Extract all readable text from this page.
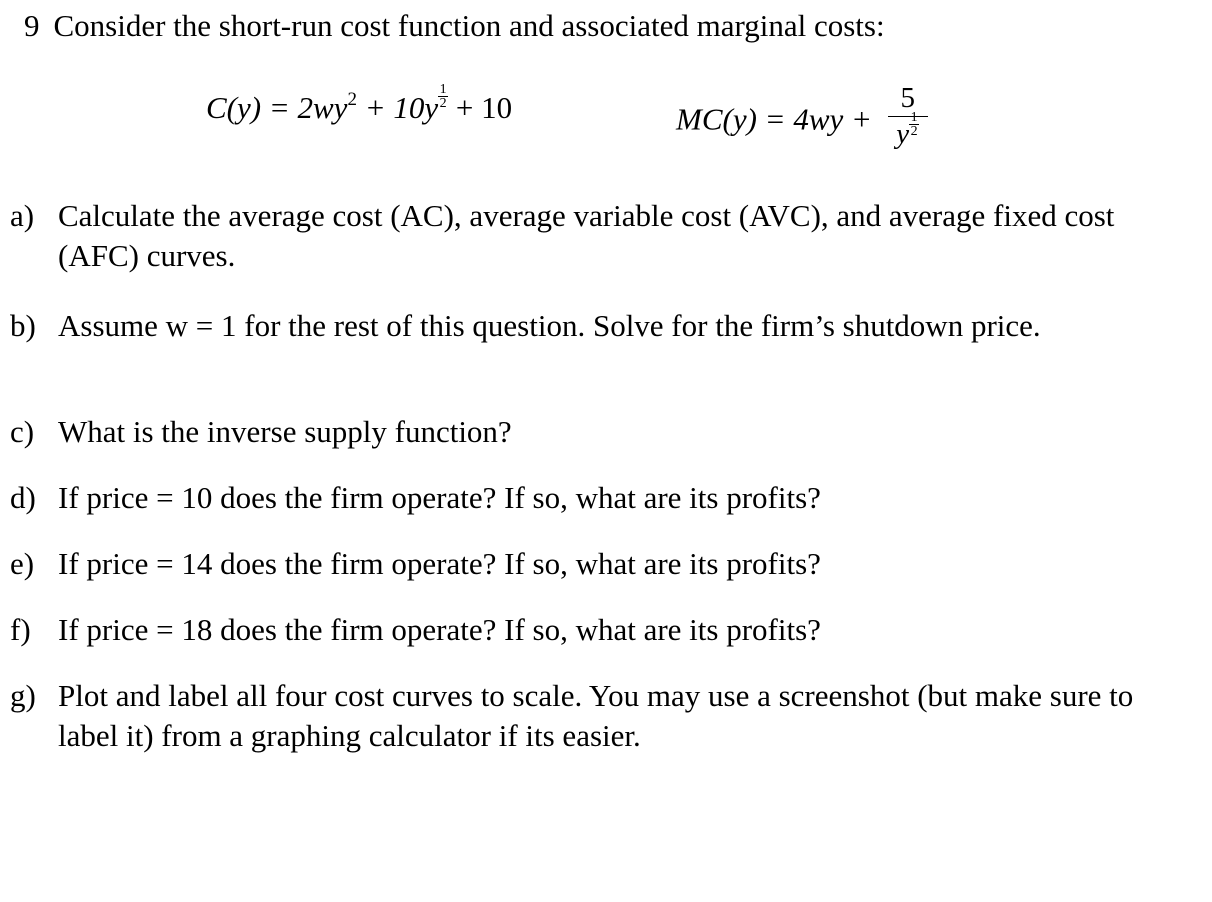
9 Consider the short-run cost function and associated marginal costs:
$C(y) = 2wy^2 + 10y \frac{1}{2} + 10$	$MC(y) = 4wy + \frac{5}{y \frac{1}{2}}$
a) Calculate the average cost (AC), average variable cost (AVC), and average fixed cost (AFC) curves.
b) Assume w = 1 for the rest of this question. Solve for the firm’s shutdown price.
c) What is the inverse supply function?
d) If price = 10 does the firm operate? If so, what are its profits?
e) If price = 14 does the firm operate? If so, what are its profits?
f) If price = 18 does the firm operate? If so, what are its profits?
g) Plot and label all four cost curves to scale. You may use a screenshot (but make sure to label it) from a graphing calculator if its easier.
